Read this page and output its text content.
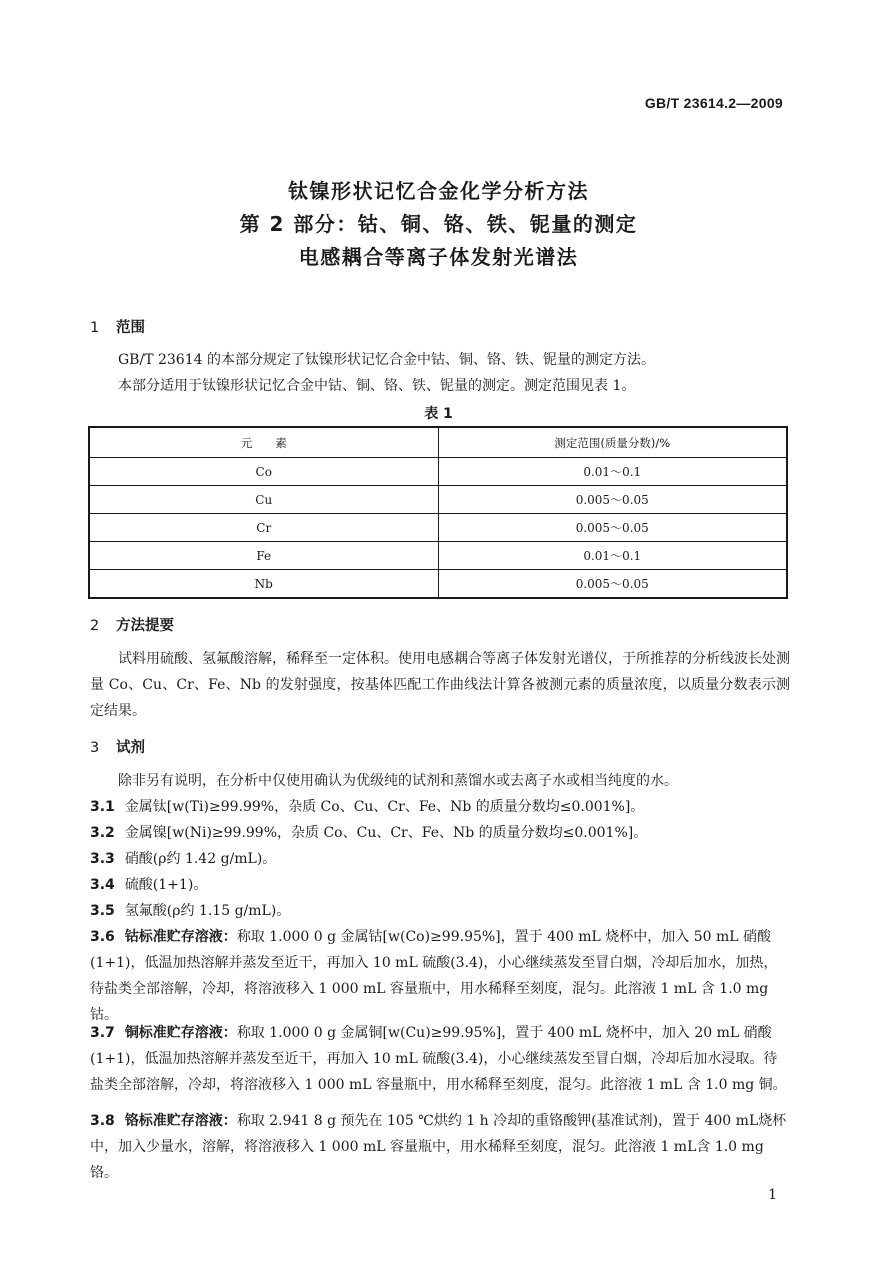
GB/T 23614.2—2009
钛镍形状记忆合金化学分析方法
第 2 部分：钴、铜、铬、铁、铌量的测定
电感耦合等离子体发射光谱法
1 范围
GB/T 23614 的本部分规定了钛镍形状记忆合金中钴、铜、铬、铁、铌量的测定方法。
本部分适用于钛镍形状记忆合金中钴、铜、铬、铁、铌量的测定。测定范围见表 1。
表 1
元　　素	测定范围(质量分数)/%
Co	0.01～0.1
Cu	0.005～0.05
Cr	0.005～0.05
Fe	0.01～0.1
Nb	0.005～0.05
2 方法提要
试料用硫酸、氢氟酸溶解，稀释至一定体积。使用电感耦合等离子体发射光谱仪，于所推荐的分析线波长处测量 Co、Cu、Cr、Fe、Nb 的发射强度，按基体匹配工作曲线法计算各被测元素的质量浓度，以质量分数表示测定结果。
3 试剂
除非另有说明，在分析中仅使用确认为优级纯的试剂和蒸馏水或去离子水或相当纯度的水。
3.1 金属钛[w(Ti)≥99.99%，杂质 Co、Cu、Cr、Fe、Nb 的质量分数均≤0.001%]。
3.2 金属镍[w(Ni)≥99.99%，杂质 Co、Cu、Cr、Fe、Nb 的质量分数均≤0.001%]。
3.3 硝酸(ρ约 1.42 g/mL)。
3.4 硫酸(1+1)。
3.5 氢氟酸(ρ约 1.15 g/mL)。
3.6 钴标准贮存溶液：称取 1.000 0 g 金属钴[w(Co)≥99.95%]，置于 400 mL 烧杯中，加入 50 mL 硝酸(1+1)，低温加热溶解并蒸发至近干，再加入 10 mL 硫酸(3.4)，小心继续蒸发至冒白烟，冷却后加水，加热，待盐类全部溶解，冷却，将溶液移入 1 000 mL 容量瓶中，用水稀释至刻度，混匀。此溶液 1 mL 含 1.0 mg 钴。
3.7 铜标准贮存溶液：称取 1.000 0 g 金属铜[w(Cu)≥99.95%]，置于 400 mL 烧杯中，加入 20 mL 硝酸(1+1)，低温加热溶解并蒸发至近干，再加入 10 mL 硫酸(3.4)，小心继续蒸发至冒白烟，冷却后加水浸取。待盐类全部溶解，冷却，将溶液移入 1 000 mL 容量瓶中，用水稀释至刻度，混匀。此溶液 1 mL 含 1.0 mg 铜。
3.8 铬标准贮存溶液：称取 2.941 8 g 预先在 105 ℃烘约 1 h 冷却的重铬酸钾(基准试剂)，置于 400 mL烧杯中，加入少量水，溶解，将溶液移入 1 000 mL 容量瓶中，用水稀释至刻度，混匀。此溶液 1 mL含 1.0 mg 铬。
1
